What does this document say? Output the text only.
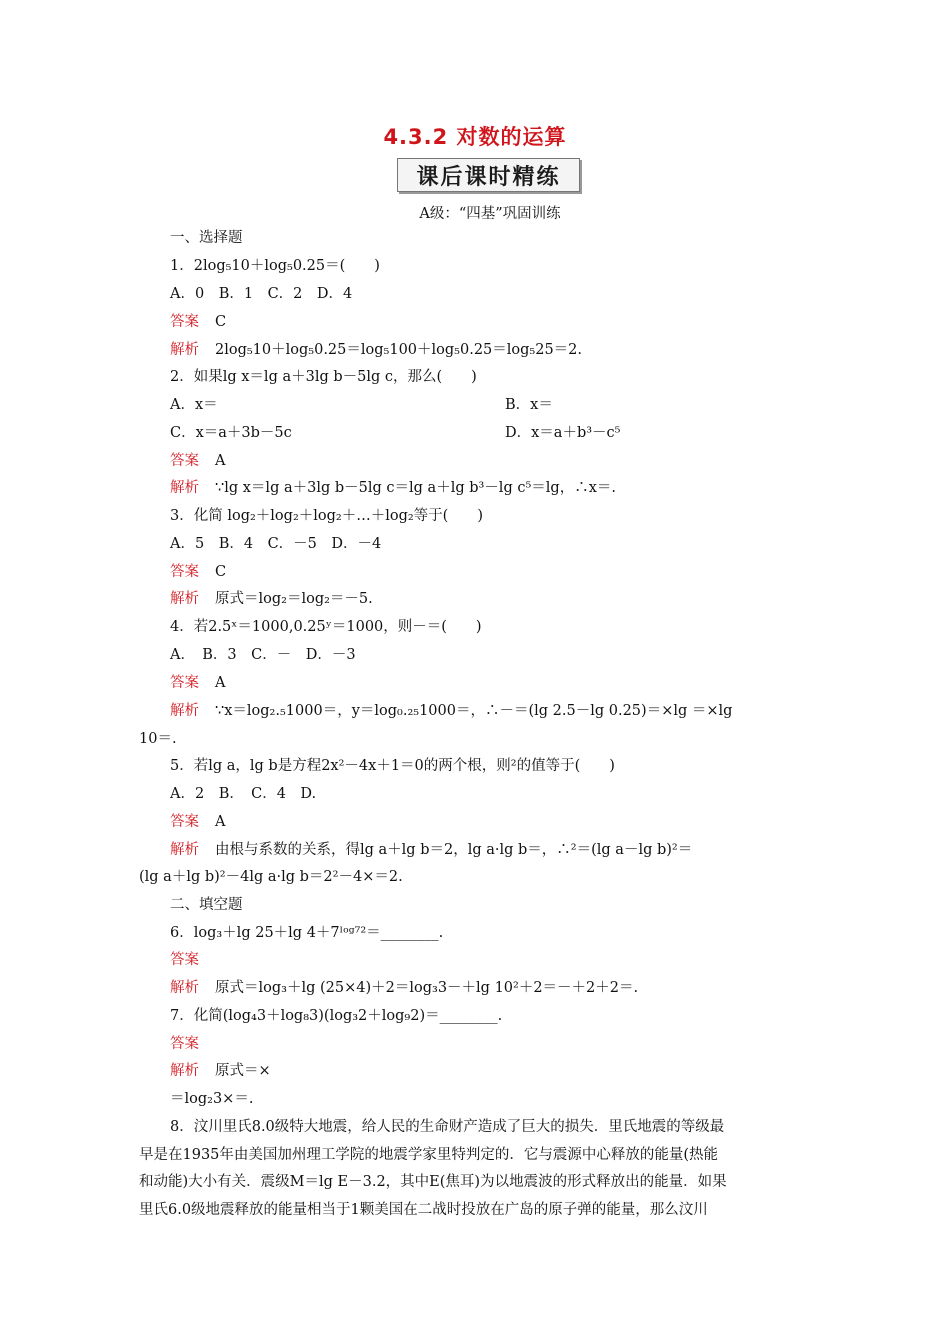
4.3.2 对数的运算
课后课时精练
A级：“四基”巩固训练
一、选择题
1．2log₅10＋log₅0.25＝(　　)
A．0　B．1　C．2　D．4
答案 C
解析 2log₅10＋log₅0.25＝log₅100＋log₅0.25＝log₅25＝2.
2．如果lg x＝lg a＋3lg b－5lg c，那么(　　)
A．x＝	B．x＝
C．x＝a＋3b－5c	D．x＝a＋b³－c⁵
答案 A
解析 ∵lg x＝lg a＋3lg b－5lg c＝lg a＋lg b³－lg c⁵＝lg，∴x＝.
3．化简 log₂＋log₂＋log₂＋…＋log₂等于(　　)
A．5　B．4　C．－5　D．－4
答案 C
解析 原式＝log₂＝log₂＝－5.
4．若2.5ˣ＝1000,0.25ʸ＝1000，则－＝(　　)
A．　B．3　C．－　D．－3
答案 A
解析 ∵x＝log₂.₅1000＝，y＝log₀.₂₅1000＝，∴－＝(lg 2.5－lg 0.25)＝×lg ＝×lg
10＝.
5．若lg a，lg b是方程2x²－4x＋1＝0的两个根，则²的值等于(　　)
A．2　B．　C．4　D.
答案 A
解析 由根与系数的关系，得lg a＋lg b＝2，lg a·lg b＝，∴²＝(lg a－lg b)²＝
(lg a＋lg b)²－4lg a·lg b＝2²－4×＝2.
二、填空题
6．log₃＋lg 25＋lg 4＋7ˡᵒᵍ⁷²＝________.
答案
解析 原式＝log₃＋lg (25×4)＋2＝log₃3－＋lg 10²＋2＝－＋2＋2＝.
7．化简(log₄3＋log₈3)(log₃2＋log₉2)＝________.
答案
解析 原式＝×
＝log₂3×＝.
8．汶川里氏8.0级特大地震，给人民的生命财产造成了巨大的损失．里氏地震的等级最
早是在1935年由美国加州理工学院的地震学家里特判定的．它与震源中心释放的能量(热能
和动能)大小有关．震级M＝lg E－3.2，其中E(焦耳)为以地震波的形式释放出的能量．如果
里氏6.0级地震释放的能量相当于1颗美国在二战时投放在广岛的原子弹的能量，那么汶川
